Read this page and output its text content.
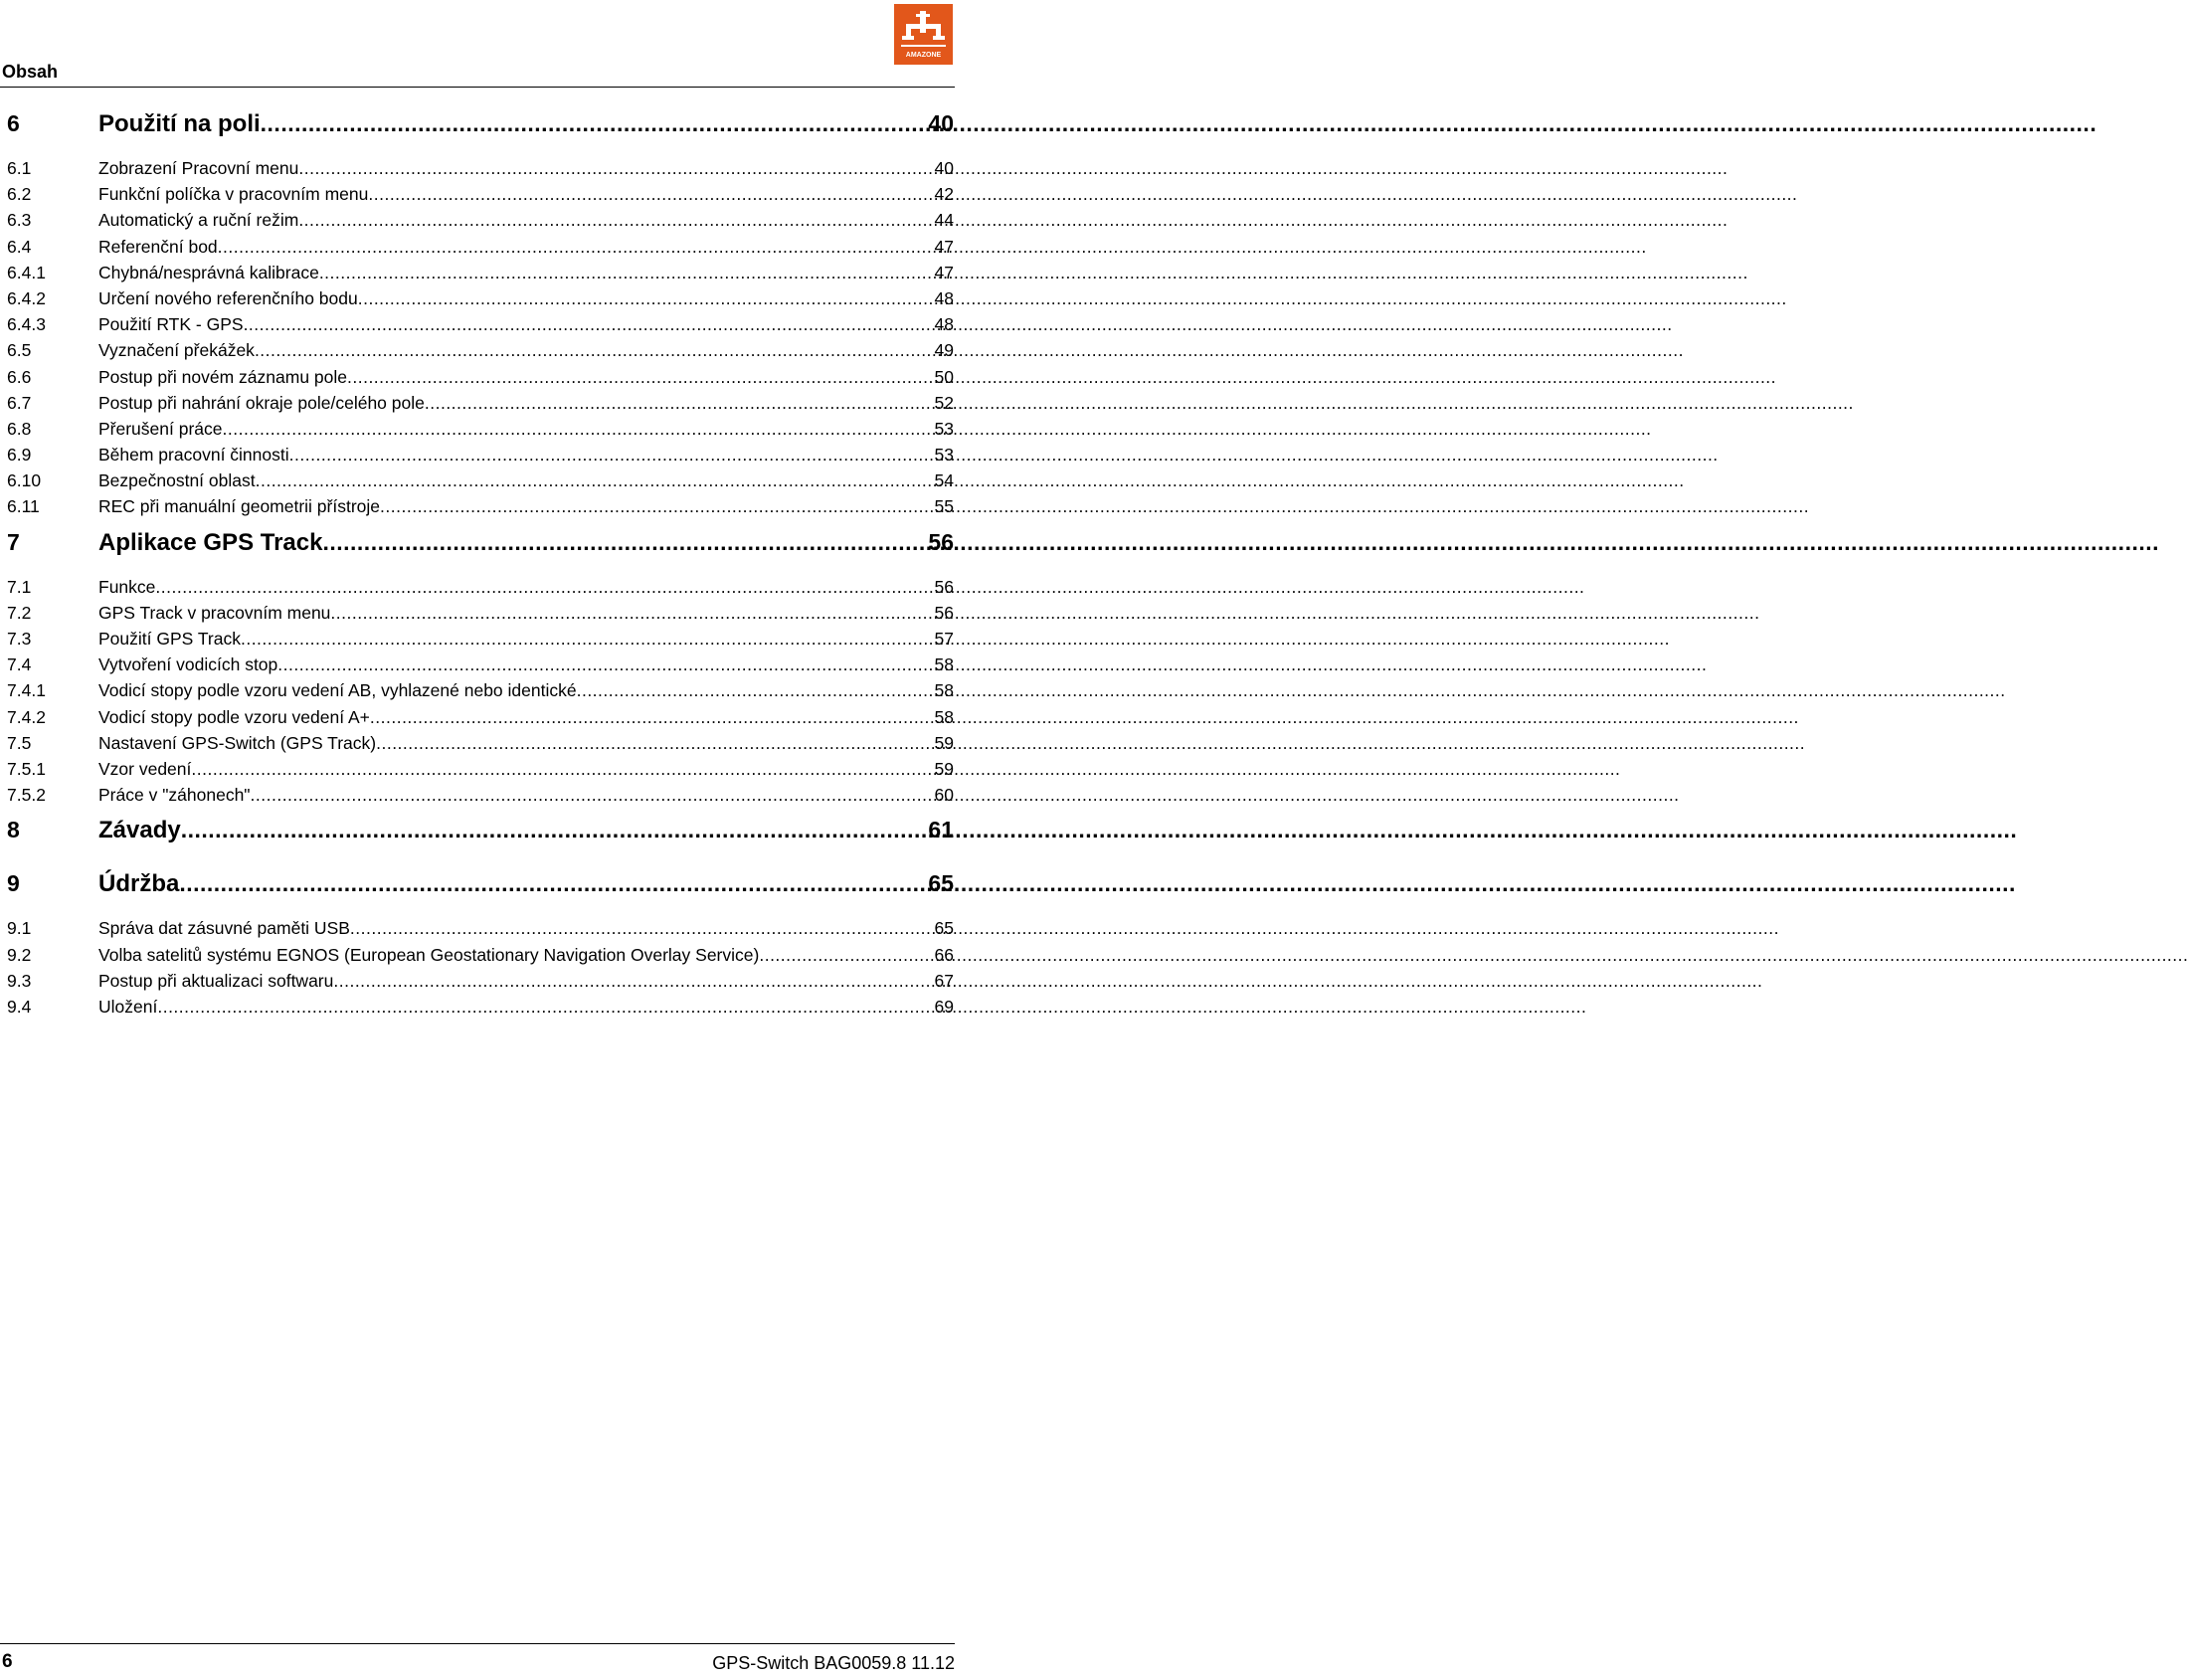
Obsah
AMAZONE
6	Použití na poli .....	40
6.1	Zobrazení Pracovní menu .....	40
6.2	Funkční políčka v pracovním menu .....	42
6.3	Automatický a ruční režim .....	44
6.4	Referenční bod .....	47
6.4.1	Chybná/nesprávná kalibrace .....	47
6.4.2	Určení nového referenčního bodu .....	48
6.4.3	Použití RTK - GPS .....	48
6.5	Vyznačení překážek .....	49
6.6	Postup při novém záznamu pole .....	50
6.7	Postup při nahrání okraje pole/celého pole .....	52
6.8	Přerušení práce .....	53
6.9	Během pracovní činnosti .....	53
6.10	Bezpečnostní oblast .....	54
6.11	REC při manuální geometrii přístroje .....	55
7	Aplikace GPS Track .....	56
7.1	Funkce .....	56
7.2	GPS Track v pracovním menu .....	56
7.3	Použití GPS Track .....	57
7.4	Vytvoření vodicích stop .....	58
7.4.1	Vodicí stopy podle vzoru vedení AB, vyhlazené nebo identické .....	58
7.4.2	Vodicí stopy podle vzoru vedení A+ .....	58
7.5	Nastavení GPS-Switch (GPS Track) .....	59
7.5.1	Vzor vedení .....	59
7.5.2	Práce v "záhonech" .....	60
8	Závady .....	61
9	Údržba .....	65
9.1	Správa dat zásuvné paměti USB .....	65
9.2	Volba satelitů systému EGNOS (European Geostationary Navigation Overlay Service) .....	66
9.3	Postup při aktualizaci softwaru .....	67
9.4	Uložení .....	69
6	GPS-Switch BAG0059.8 11.12
